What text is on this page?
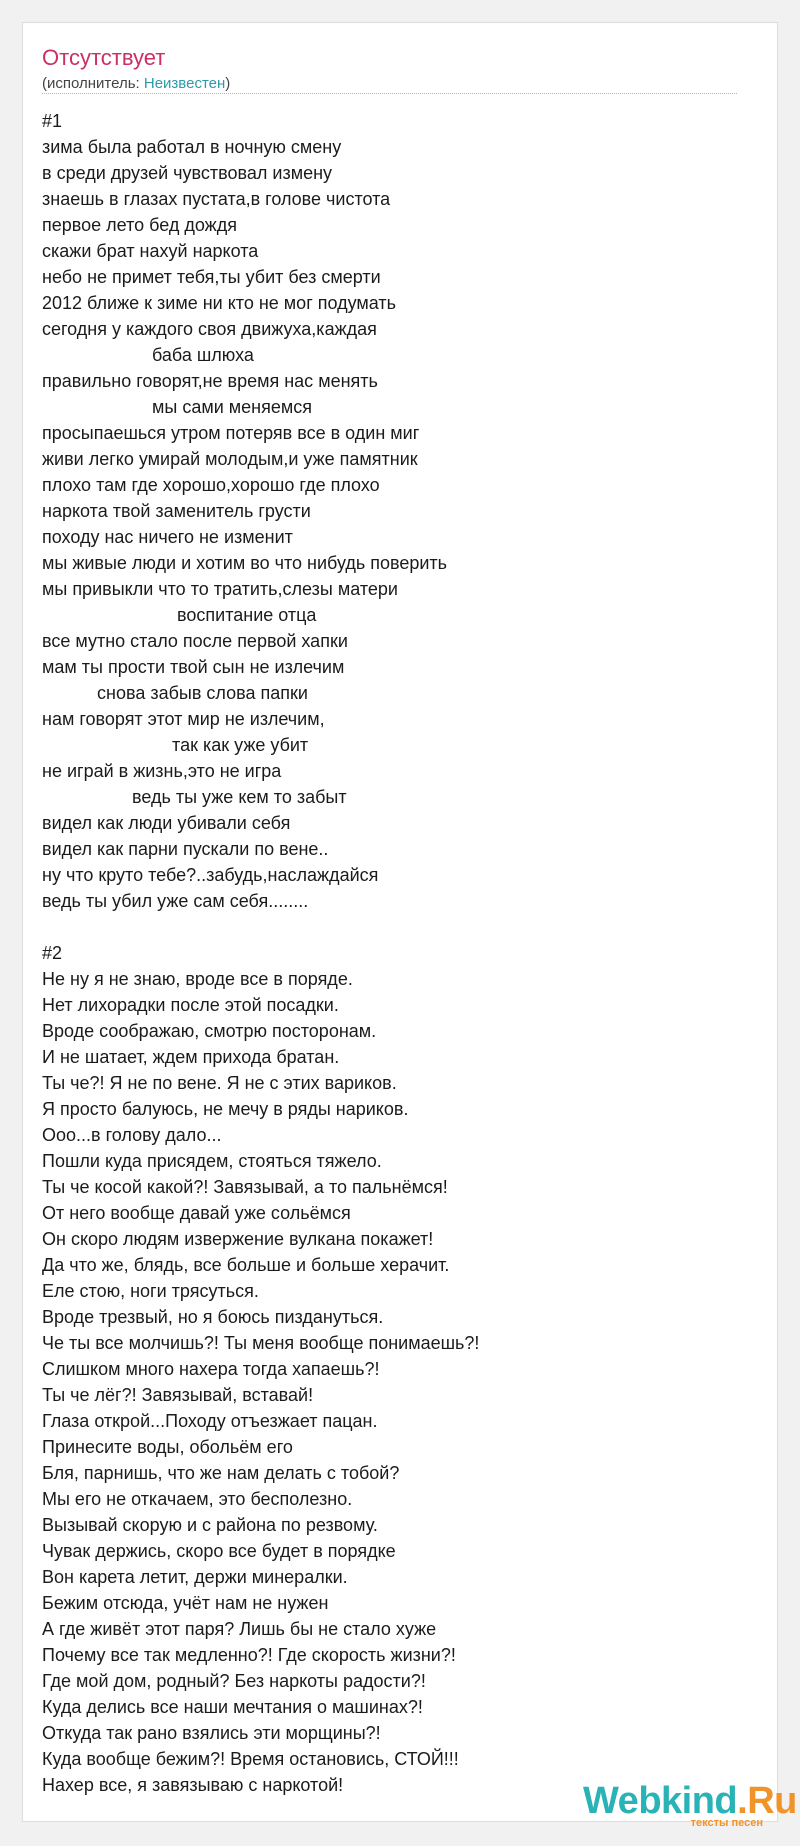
Отсутствует
(исполнитель: Неизвестен)
#1
зима была работал в ночную смену
в среди друзей чувствовал измену
знаешь в глазах пустата,в голове чистота
первое лето бед дождя
скажи брат нахуй наркота
небо не примет тебя,ты убит без смерти
2012 ближе к зиме ни кто не мог подумать
сегодня у каждого своя движуха,каждая
баба шлюха
правильно говорят,не время нас менять
мы сами меняемся
просыпаешься утром потеряв все в один миг
живи легко умирай молодым,и уже памятник
плохо там где хорошо,хорошо где плохо
наркота твой заменитель грусти
походу нас ничего не изменит
мы живые люди и хотим во что нибудь поверить
мы привыкли что то тратить,слезы матери
воспитание отца
все мутно стало после первой хапки
мам ты прости твой сын не излечим
снова забыв слова папки
нам говорят этот мир не излечим,
так как уже убит
не играй в жизнь,это не игра
ведь ты уже кем то забыт
видел как люди убивали себя
видел как парни пускали по вене..
ну что круто тебе?..забудь,наслаждайся
ведь ты убил уже сам себя........

#2
Не ну я не знаю, вроде все в поряде.
Нет лихорадки после этой посадки.
Вроде соображаю, смотрю посторонам.
И не шатает, ждем прихода братан.
Ты че?! Я не по вене. Я не с этих вариков.
Я просто балуюсь, не мечу в ряды нариков.
Ооо...в голову дало...
Пошли куда присядем, стояться тяжело.
Ты че косой какой?! Завязывай, а то пальнёмся!
От него вообще давай уже сольёмся
Он скоро людям извержение вулкана покажет!
Да что же, блядь, все больше и больше херачит.
Еле стою, ноги трясуться.
Вроде трезвый, но я боюсь пиздануться.
Че ты все молчишь?! Ты меня вообще понимаешь?!
Слишком много нахера тогда хапаешь?!
Ты че лёг?! Завязывай, вставай!
Глаза открой...Походу отъезжает пацан.
Принесите воды, обольём его
Бля, парнишь, что же нам делать с тобой?
Мы его не откачаем, это бесполезно.
Вызывай скорую и с района по резвому.
Чувак держись, скоро все будет в порядке
Вон карета летит, держи минералки.
Бежим отсюда, учёт нам не нужен
А где живёт этот паря? Лишь бы не стало хуже
Почему все так медленно?! Где скорость жизни?!
Где мой дом, родный? Без наркоты радости?!
Куда делись все наши мечтания о машинах?!
Откуда так рано взялись эти морщины?!
Куда вообще бежим?! Время остановись, СТОЙ!!!
Нахер все, я завязываю с наркотой!	Webkind.Ru
тексты песен
